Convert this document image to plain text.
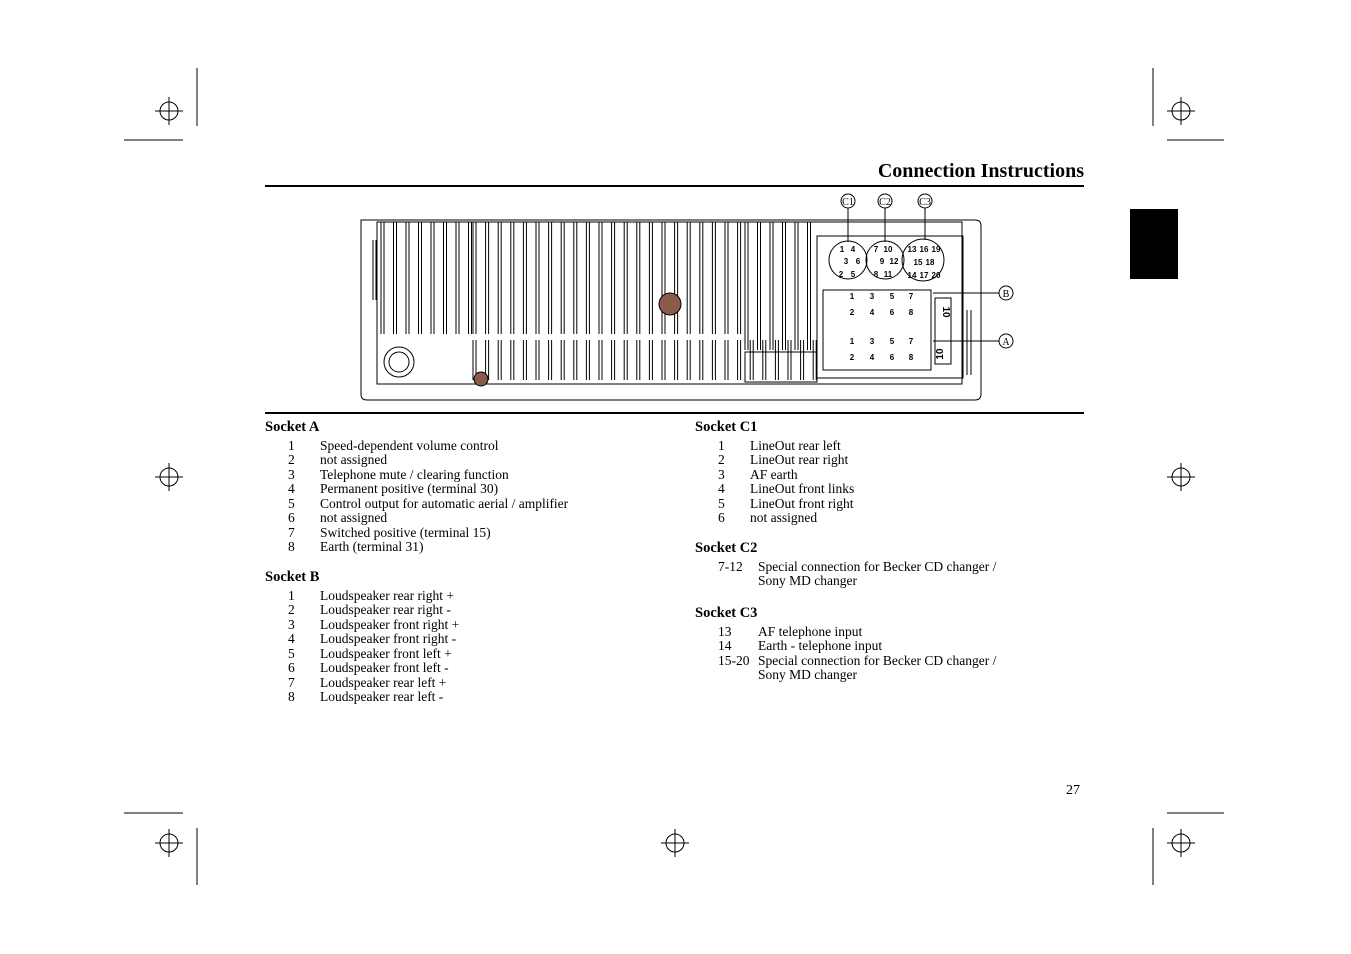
Connection Instructions
C1	C2	C3
B
A
1 4
3 6
2 5
7 10
9 12
8 11
13 16 19
15 18
14 17 20
1 3 5 7
2 4 6 8
1 3 5 7
2 4 6 8
10
10
Socket A
1	Speed-dependent volume control
2	not assigned
3	Telephone mute / clearing function
4	Permanent positive (terminal 30)
5	Control output for automatic aerial / amplifier
6	not assigned
7	Switched positive (terminal 15)
8	Earth (terminal 31)
Socket B
1	Loudspeaker rear right +
2	Loudspeaker rear right -
3	Loudspeaker front right +
4	Loudspeaker front right -
5	Loudspeaker front left +
6	Loudspeaker front left -
7	Loudspeaker rear left +
8	Loudspeaker rear left -
Socket C1
1	LineOut rear left
2	LineOut rear right
3	AF earth
4	LineOut front links
5	LineOut front right
6	not assigned
Socket C2
7-12	Special connection for Becker CD changer /
Sony MD changer
Socket C3
13	AF telephone input
14	Earth - telephone input
15-20 Special connection for Becker CD changer /
Sony MD changer
27
